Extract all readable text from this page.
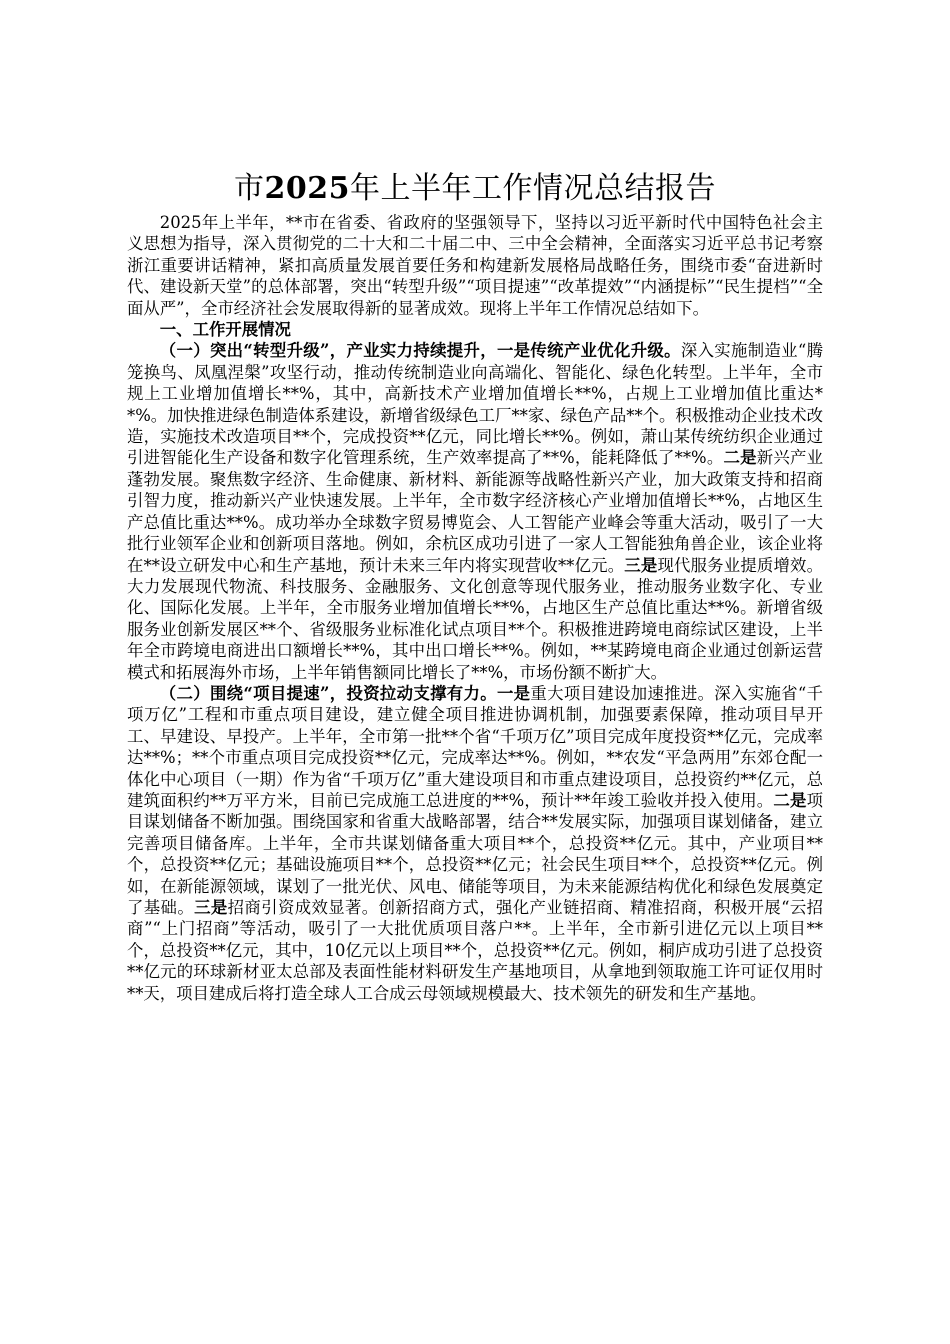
市2025年上半年工作情况总结报告

2025年上半年，**市在省委、省政府的坚强领导下，坚持以习近平新时代中国特色社会主义思想为指导，深入贯彻党的二十大和二十届二中、三中全会精神，全面落实习近平总书记考察浙江重要讲话精神，紧扣高质量发展首要任务和构建新发展格局战略任务，围绕市委“奋进新时代、建设新天堂”的总体部署，突出“转型升级”“项目提速”“改革提效”“内涵提标”“民生提档”“全面从严”，全市经济社会发展取得新的显著成效。现将上半年工作情况总结如下。

一、工作开展情况

（一）突出“转型升级”，产业实力持续提升，一是传统产业优化升级。深入实施制造业“腾笼换鸟、凤凰涅槃”攻坚行动，推动传统制造业向高端化、智能化、绿色化转型。上半年，全市规上工业增加值增长**%，其中，高新技术产业增加值增长**%，占规上工业增加值比重达**%。加快推进绿色制造体系建设，新增省级绿色工厂**家、绿色产品**个。积极推动企业技术改造，实施技术改造项目**个，完成投资**亿元，同比增长**%。例如，萧山某传统纺织企业通过引进智能化生产设备和数字化管理系统，生产效率提高了**%，能耗降低了**%。二是新兴产业蓬勃发展。聚焦数字经济、生命健康、新材料、新能源等战略性新兴产业，加大政策支持和招商引智力度，推动新兴产业快速发展。上半年，全市数字经济核心产业增加值增长**%，占地区生产总值比重达**%。成功举办全球数字贸易博览会、人工智能产业峰会等重大活动，吸引了一大批行业领军企业和创新项目落地。例如，余杭区成功引进了一家人工智能独角兽企业，该企业将在**设立研发中心和生产基地，预计未来三年内将实现营收**亿元。三是现代服务业提质增效。大力发展现代物流、科技服务、金融服务、文化创意等现代服务业，推动服务业数字化、专业化、国际化发展。上半年，全市服务业增加值增长**%，占地区生产总值比重达**%。新增省级服务业创新发展区**个、省级服务业标准化试点项目**个。积极推进跨境电商综试区建设，上半年全市跨境电商进出口额增长**%，其中出口增长**%。例如，**某跨境电商企业通过创新运营模式和拓展海外市场，上半年销售额同比增长了**%，市场份额不断扩大。

（二）围绕“项目提速”，投资拉动支撑有力。一是重大项目建设加速推进。深入实施省“千项万亿”工程和市重点项目建设，建立健全项目推进协调机制，加强要素保障，推动项目早开工、早建设、早投产。上半年，全市第一批**个省“千项万亿”项目完成年度投资**亿元，完成率达**%；**个市重点项目完成投资**亿元，完成率达**%。例如，**农发“平急两用”东郊仓配一体化中心项目（一期）作为省“千项万亿”重大建设项目和市重点建设项目，总投资约**亿元，总建筑面积约**万平方米，目前已完成施工总进度的**%，预计**年竣工验收并投入使用。二是项目谋划储备不断加强。围绕国家和省重大战略部署，结合**发展实际，加强项目谋划储备，建立完善项目储备库。上半年，全市共谋划储备重大项目**个，总投资**亿元。其中，产业项目**个，总投资**亿元；基础设施项目**个，总投资**亿元；社会民生项目**个，总投资**亿元。例如，在新能源领域，谋划了一批光伏、风电、储能等项目，为未来能源结构优化和绿色发展奠定了基础。三是招商引资成效显著。创新招商方式，强化产业链招商、精准招商，积极开展“云招商”“上门招商”等活动，吸引了一大批优质项目落户**。上半年，全市新引进亿元以上项目**个，总投资**亿元，其中，10亿元以上项目**个，总投资**亿元。例如，桐庐成功引进了总投资**亿元的环球新材亚太总部及表面性能材料研发生产基地项目，从拿地到领取施工许可证仅用时**天，项目建成后将打造全球人工合成云母领域规模最大、技术领先的研发和生产基地。
